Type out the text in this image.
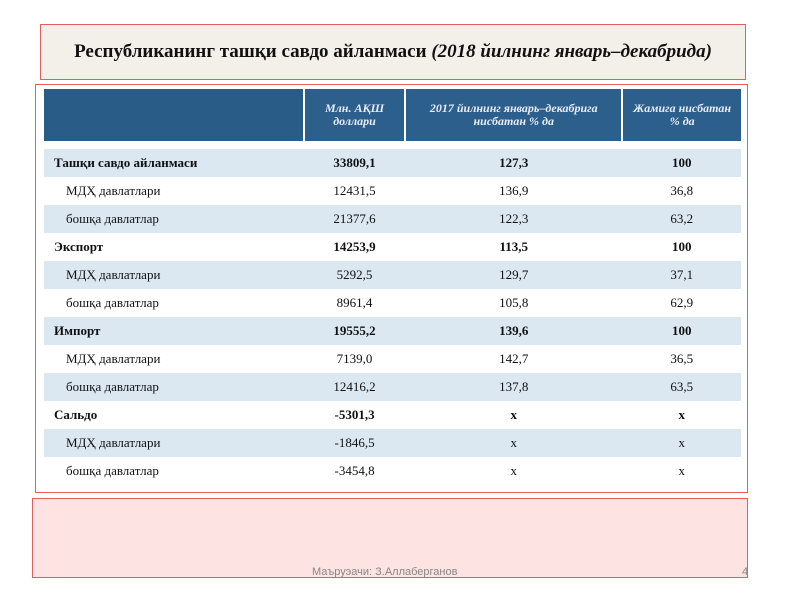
Республиканинг ташқи савдо айланмаси (2018 йилнинг январь–декабрида)
	Млн. АҚШ доллари	2017 йилнинг январь–декабрига нисбатан % да	Жамига нисбатан % да

Ташқи савдо айланмаси	33809,1	127,3	100
МДҲ давлатлари	12431,5	136,9	36,8
бошқа давлатлар	21377,6	122,3	63,2
Экспорт	14253,9	113,5	100
МДҲ давлатлари	5292,5	129,7	37,1
бошқа давлатлар	8961,4	105,8	62,9
Импорт	19555,2	139,6	100
МДҲ давлатлари	7139,0	142,7	36,5
бошқа давлатлар	12416,2	137,8	63,5
Сальдо	-5301,3	x	x
МДҲ давлатлари	-1846,5	x	x
бошқа давлатлар	-3454,8	x	x
Маъруэачи: З.Аллаберганов	4
